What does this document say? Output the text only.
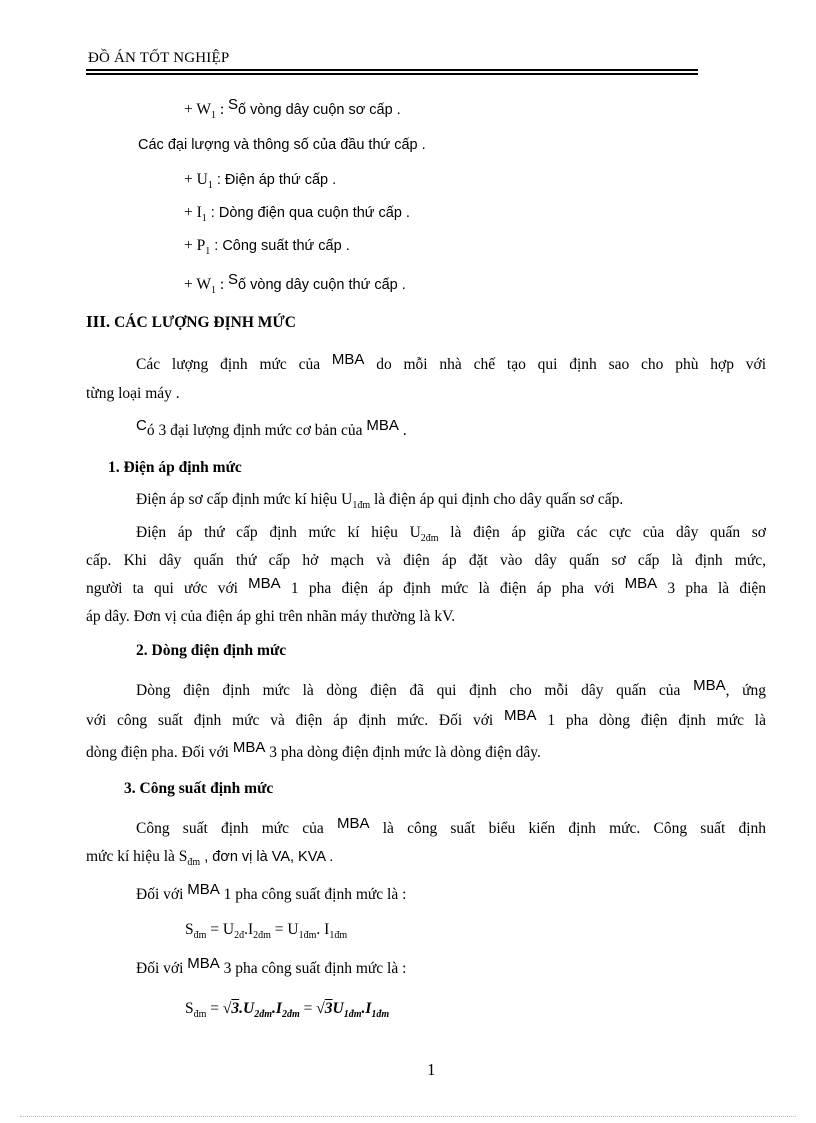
ĐỒ ÁN TỐT NGHIỆP
+ $W_1$ : Số vòng dây cuộn sơ cấp .
Các đại lượng và thông số của đầu thứ cấp .
+ $U_1$ : Điện áp thứ cấp .
+ $I_1$ : Dòng điện qua cuộn thứ cấp .
+ $P_1$ : Công suất thứ cấp .
+ $W_1$ : Số vòng dây cuộn thứ cấp .
III. CÁC LƯỢNG ĐỊNH MỨC
Các lượng định mức của MBA do mỗi nhà chế tạo qui định sao cho phù hợp với
từng loại máy .
Có 3 đại lượng định mức cơ bản của MBA .
1. Điện áp định mức
Điện áp sơ cấp định mức kí hiệu $U_{1đm}$ là điện áp qui định cho dây quấn sơ cấp.
Điện áp thứ cấp định mức kí hiệu $U_{2đm}$ là điện áp giữa các cực của dây quấn sơ
cấp. Khi dây quấn thứ cấp hở mạch và điện áp đặt vào dây quấn sơ cấp là định mức,
người ta qui ước với MBA 1 pha điện áp định mức là điện áp pha với MBA 3 pha là điện
áp dây. Đơn vị của điện áp ghi trên nhãn máy thường là kV.
2. Dòng điện định mức
Dòng điện định mức là dòng điện đã qui định cho mỗi dây quấn của MBA, ứng
với công suất định mức và điện áp định mức. Đối với MBA 1 pha dòng điện định mức là
dòng điện pha. Đối với MBA 3 pha dòng điện định mức là dòng điện dây.
3. Công suất định mức
Công suất định mức của MBA là công suất biểu kiến định mức. Công suất định
mức kí hiệu là $S_{đm}$ , đơn vị là VA, KVA .
Đối với MBA 1 pha công suất định mức là :
$S_{đm} = U_{2đ}.I_{2đm} = U_{1đm}$. $I_{1đm}$
Đối với MBA 3 pha công suất định mức là :
$S_{đm} = √3.U_{2đm}.I_{2đm} = √3U_{1đm}.I_{1đm}$
1
